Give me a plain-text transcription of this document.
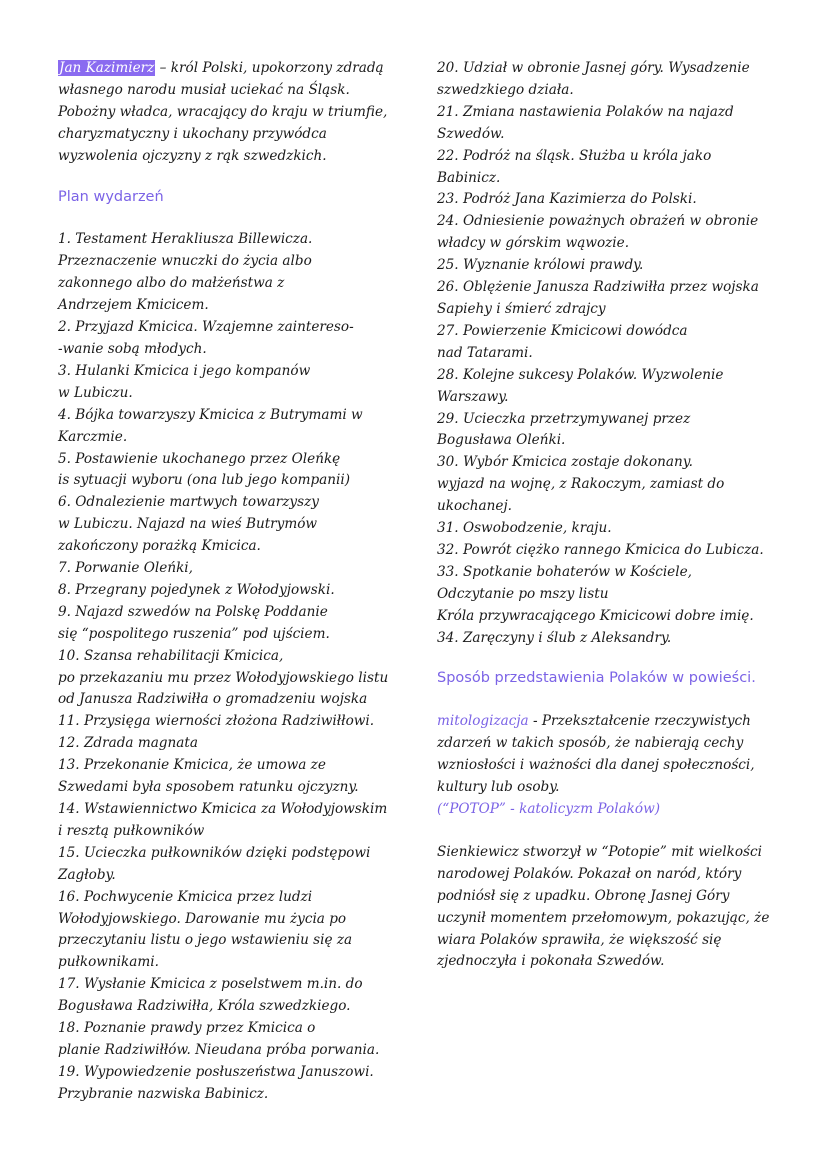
Jan Kazimierz – król Polski, upokorzony zdradą
własnego narodu musiał uciekać na Śląsk.
Pobożny władca, wracający do kraju w triumfie,
charyzmatyczny i ukochany przywódca
wyzwolenia ojczyzny z rąk szwedzkich.
Plan wydarzeń
1. Testament Herakliusza Billewicza.
Przeznaczenie wnuczki do życia albo
zakonnego albo do małżeństwa z
Andrzejem Kmicicem.
2. Przyjazd Kmicica. Wzajemne zaintereso-
-wanie sobą młodych.
3. Hulanki Kmicica i jego kompanów
w Lubiczu.
4. Bójka towarzyszy Kmicica z Butrymami w
Karczmie.
5. Postawienie ukochanego przez Oleńkę
is sytuacji wyboru (ona lub jego kompanii)
6. Odnalezienie martwych towarzyszy
w Lubiczu. Najazd na wieś Butrymów
zakończony porażką Kmicica.
7. Porwanie Oleńki,
8. Przegrany pojedynek z Wołodyjowski.
9. Najazd szwedów na Polskę Poddanie
się “pospolitego ruszenia” pod ujściem.
10. Szansa rehabilitacji Kmicica,
po przekazaniu mu przez Wołodyjowskiego listu
od Janusza Radziwiłła o gromadzeniu wojska
11. Przysięga wierności złożona Radziwiłłowi.
12. Zdrada magnata
13. Przekonanie Kmicica, że umowa ze
Szwedami była sposobem ratunku ojczyzny.
14. Wstawiennictwo Kmicica za Wołodyjowskim
i resztą pułkowników
15. Ucieczka pułkowników dzięki podstępowi
Zagłoby.
16. Pochwycenie Kmicica przez ludzi
Wołodyjowskiego. Darowanie mu życia po
przeczytaniu listu o jego wstawieniu się za
pułkownikami.
17. Wysłanie Kmicica z poselstwem m.in. do
Bogusława Radziwiłła, Króla szwedzkiego.
18. Poznanie prawdy przez Kmicica o
planie Radziwiłłów. Nieudana próba porwania.
19. Wypowiedzenie posłuszeństwa Januszowi.
Przybranie nazwiska Babinicz.
20. Udział w obronie Jasnej góry. Wysadzenie
szwedzkiego działa.
21. Zmiana nastawienia Polaków na najazd
Szwedów.
22. Podróż na śląsk. Służba u króla jako
Babinicz.
23. Podróż Jana Kazimierza do Polski.
24. Odniesienie poważnych obrażeń w obronie
władcy w górskim wąwozie.
25. Wyznanie królowi prawdy.
26. Oblężenie Janusza Radziwiłła przez wojska
Sapiehy i śmierć zdrajcy
27. Powierzenie Kmicicowi dowódca
nad Tatarami.
28. Kolejne sukcesy Polaków. Wyzwolenie
Warszawy.
29. Ucieczka przetrzymywanej przez
Bogusława Oleńki.
30. Wybór Kmicica zostaje dokonany.
wyjazd na wojnę, z Rakoczym, zamiast do
ukochanej.
31. Oswobodzenie, kraju.
32. Powrót ciężko rannego Kmicica do Lubicza.
33. Spotkanie bohaterów w Kościele,
Odczytanie po mszy listu
Króla przywracającego Kmicicowi dobre imię.
34. Zaręczyny i ślub z Aleksandry.
Sposób przedstawienia Polaków w powieści.
mitologizacja - Przekształcenie rzeczywistych
zdarzeń w takich sposób, że nabierają cechy
wzniosłości i ważności dla danej społeczności,
kultury lub osoby.
(“POTOP” - katolicyzm Polaków)
Sienkiewicz stworzył w “Potopie” mit wielkości
narodowej Polaków. Pokazał on naród, który
podniósł się z upadku. Obronę Jasnej Góry
uczynił momentem przełomowym, pokazując, że
wiara Polaków sprawiła, że większość się
zjednoczyła i pokonała Szwedów.
